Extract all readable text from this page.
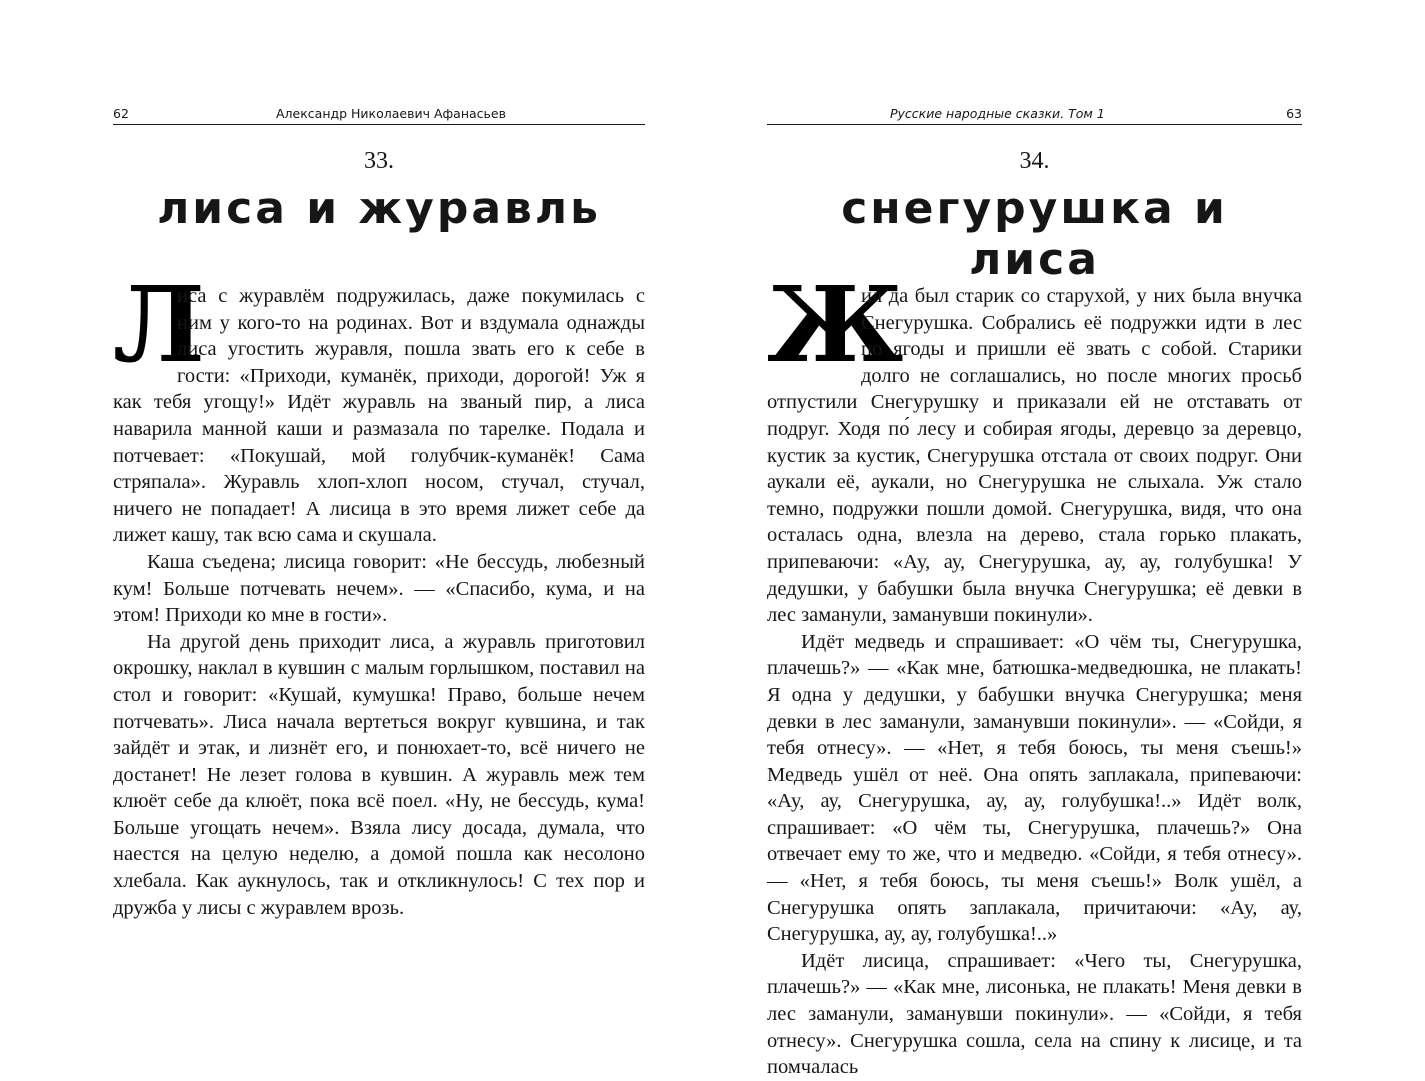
62	Александр Николаевич Афанасьев
33.
лиса и журавль

Л
иса с журавлём подружилась, даже покумилась с ним у кого-то на родинах. Вот и вздумала однажды лиса угостить журавля, пошла звать его к себе в гости: «Приходи, куманёк, приходи, дорогой! Уж я как тебя угощу!» Идёт журавль на званый пир, а лиса наварила манной каши и размазала по тарелке. Подала и потчевает: «Покушай, мой голубчик-куманёк! Сама стряпала». Журавль хлоп-хлоп носом, стучал, стучал, ничего не попадает! А лисица в это время лижет себе да лижет кашу, так всю сама и скушала.

Каша съедена; лисица говорит: «Не бессудь, любезный кум! Больше потчевать нечем». — «Спасибо, кума, и на этом! Приходи ко мне в гости».

На другой день приходит лиса, а журавль приготовил окрошку, наклал в кувшин с малым горлышком, поставил на стол и говорит: «Кушай, кумушка! Право, больше нечем потчевать». Лиса начала вертеться вокруг кувшина, и так зайдёт и этак, и лизнёт его, и понюхает-то, всё ничего не достанет! Не лезет голова в кувшин. А журавль меж тем клюёт себе да клюёт, пока всё поел. «Ну, не бессудь, кума! Больше угощать нечем». Взяла лису досада, думала, что наестся на целую неделю, а домой пошла как несолоно хлебала. Как аукнулось, так и откликнулось! С тех пор и дружба у лисы с журавлем врозь.

Русские народные сказки. Том 1	63
34.
снегурушка и лиса

Ж
ил да был старик со старухой, у них была внучка Снегурушка. Собрались её подружки идти в лес по ягоды и пришли её звать с собой. Старики долго не соглашались, но после многих просьб отпустили Снегурушку и приказали ей не отставать от подруг. Ходя по́ лесу и собирая ягоды, деревцо за деревцо, кустик за кустик, Снегурушка отстала от своих подруг. Они аукали её, аукали, но Снегурушка не слыхала. Уж стало темно, подружки пошли домой. Снегурушка, видя, что она осталась одна, влезла на дерево, стала горько плакать, припеваючи: «Ау, ау, Снегурушка, ау, ау, голубушка! У дедушки, у бабушки была внучка Снегурушка; её девки в лес заманули, заманувши покинули».

Идёт медведь и спрашивает: «О чём ты, Снегурушка, плачешь?» — «Как мне, батюшка-медведюшка, не плакать! Я одна у дедушки, у бабушки внучка Снегурушка; меня девки в лес заманули, заманувши покинули». — «Сойди, я тебя отнесу». — «Нет, я тебя боюсь, ты меня съешь!» Медведь ушёл от неё. Она опять заплакала, припеваючи: «Ау, ау, Снегурушка, ау, ау, голубушка!..» Идёт волк, спрашивает: «О чём ты, Снегурушка, плачешь?» Она отвечает ему то же, что и медведю. «Сойди, я тебя отнесу». — «Нет, я тебя боюсь, ты меня съешь!» Волк ушёл, а Снегурушка опять заплакала, причитаючи: «Ау, ау, Снегурушка, ау, ау, голубушка!..»

Идёт лисица, спрашивает: «Чего ты, Снегурушка, плачешь?» — «Как мне, лисонька, не плакать! Меня девки в лес заманули, заманувши покинули». — «Сойди, я тебя отнесу». Снегурушка сошла, села на спину к лисице, и та помчалась
